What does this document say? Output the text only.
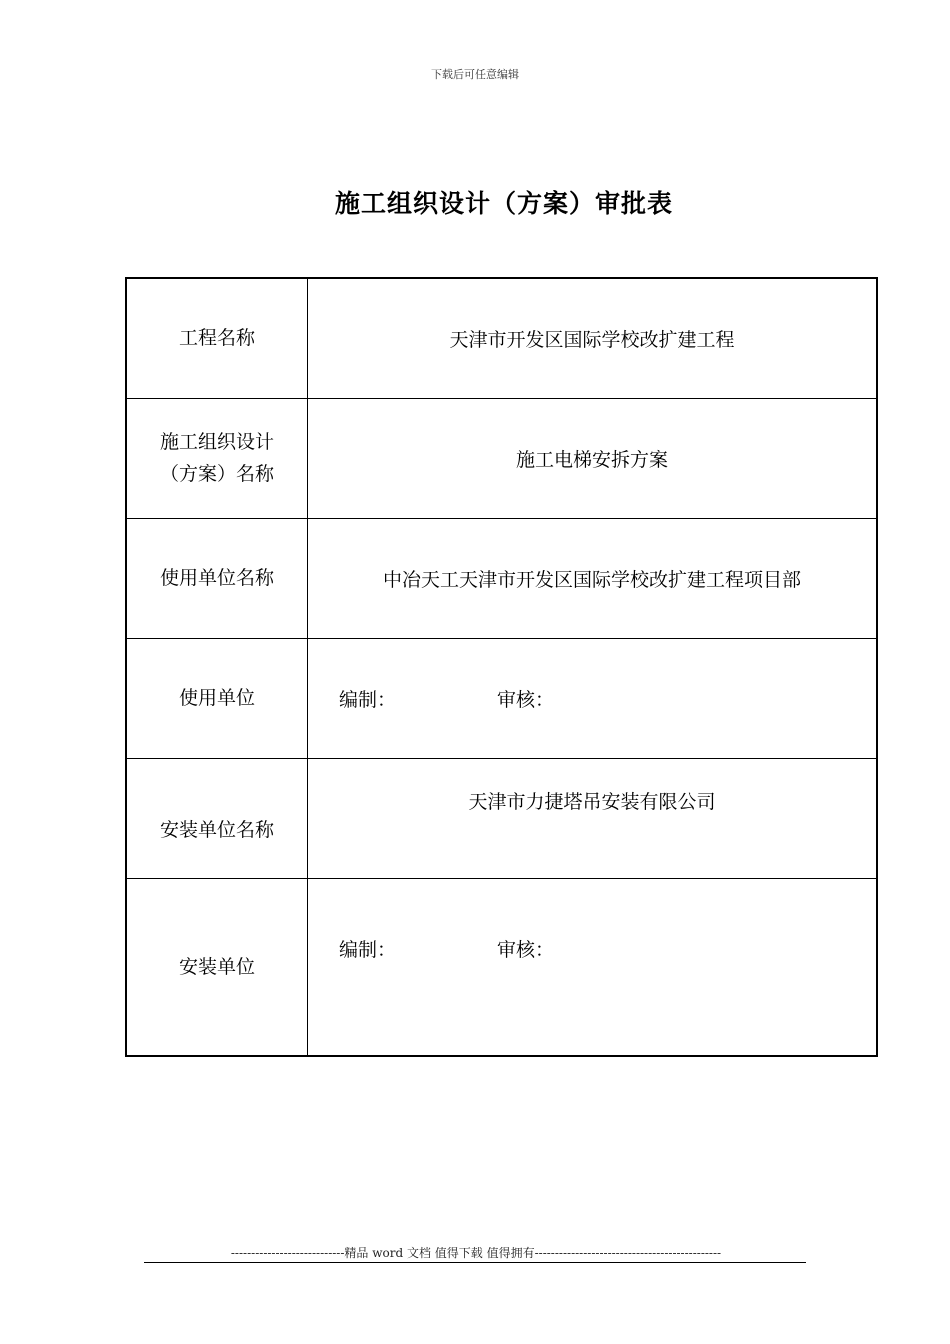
下载后可任意编辑
施工组织设计（方案）审批表
工程名称	天津市开发区国际学校改扩建工程

施工组织设计
（方案）名称	施工电梯安拆方案
使用单位名称	中冶天工天津市开发区国际学校改扩建工程项目部
使用单位	编制： 审核：

安装单位名称	天津市力捷塔吊安装有限公司
安装单位	编制： 审核：
----------------------------精品 word 文档 值得下载 值得拥有----------------------------------------------
